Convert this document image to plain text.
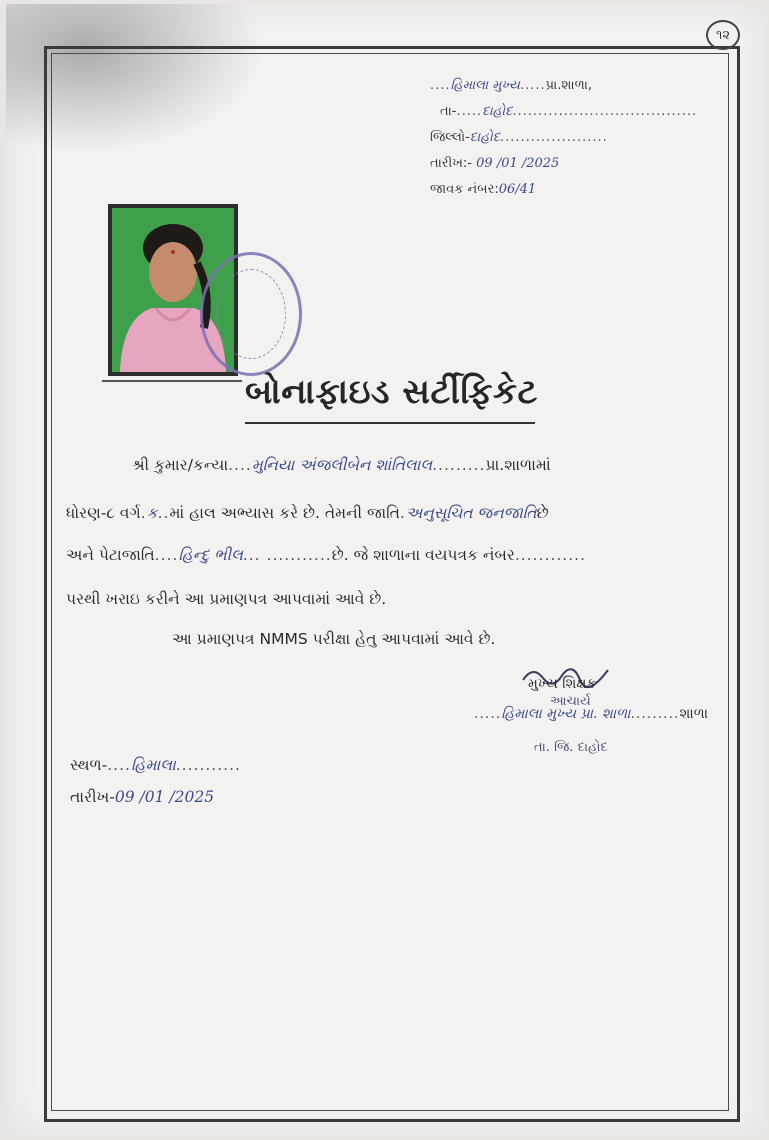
૧૨
....હિમાલા મુખ્ય.....પ્રા.શાળા,
તા-.....દાહોદ....................................
જિલ્લો-દાહોદ.....................
તારીખ:- 09 /01 /2025
જાવક નંબર:06/41
બોનાફાઇડ સર્ટીફિકેટ
શ્રી કુમાર/કન્યા....મુનિયા અંજલીબેન શાંતિલાલ.........પ્રા.શાળામાં
ધોરણ-૮ વર્ગ.ક..માં હાલ અભ્યાસ કરે છે. તેમની જાતિ.અનુસૂચિત જનજાતિછે
અને પેટાજાતિ....હિન્દુ ભીલ... ...........છે. જે શાળાના વયપત્રક નંબર............
પરથી ખરાઇ કરીને આ પ્રમાણપત્ર આપવામાં આવે છે.
આ પ્રમાણપત્ર NMMS પરીક્ષા હેતુ આપવામાં આવે છે.
મુખ્ય શિક્ષક
આચાર્ય
.....હિમાલા મુખ્ય પ્રા. શાળા.........શાળા
તા. જિ. દાહોદ
સ્થળ-....હિમાલા...........
તારીખ-09 /01 /2025
